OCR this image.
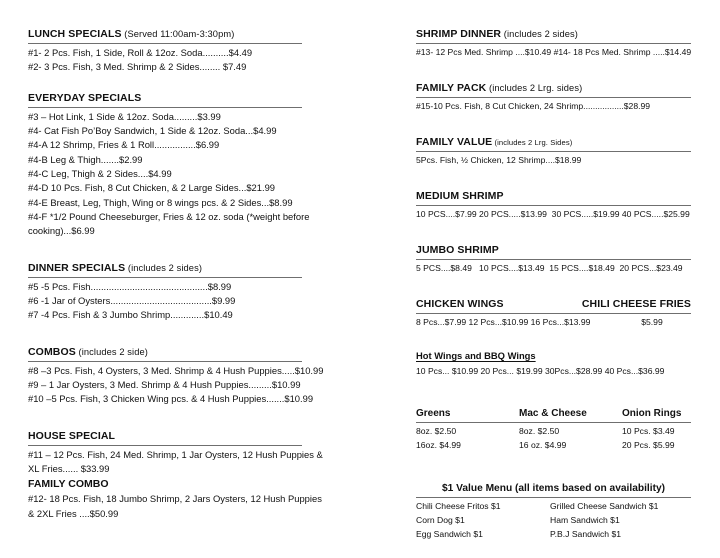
LUNCH SPECIALS (Served 11:00am-3:30pm)
#1- 2 Pcs. Fish, 1 Side, Roll & 12oz. Soda..........$4.49
#2- 3 Pcs. Fish, 3 Med. Shrimp & 2 Sides........ $7.49
EVERYDAY SPECIALS
#3 – Hot Link, 1 Side & 12oz. Soda.........$3.99
#4- Cat Fish Po’Boy Sandwich, 1 Side & 12oz. Soda...$4.99
#4-A 12 Shrimp, Fries & 1 Roll................$6.99
#4-B Leg & Thigh.......$2.99
#4-C Leg, Thigh & 2 Sides....$4.99
#4-D 10 Pcs. Fish, 8 Cut Chicken, & 2 Large Sides...$21.99
#4-E Breast, Leg, Thigh, Wing or 8 wings pcs. & 2 Sides...$8.99
#4-F *1/2 Pound Cheeseburger, Fries & 12 oz. soda (*weight before cooking)...$6.99
DINNER SPECIALS (includes 2 sides)
#5 -5 Pcs. Fish.............................................$8.99
#6 -1 Jar of Oysters.......................................$9.99
#7 -4 Pcs. Fish & 3 Jumbo Shrimp.............$10.49
COMBOS (includes 2 side)
#8 –3 Pcs. Fish, 4 Oysters, 3 Med. Shrimp & 4 Hush Puppies.....$10.99
#9 – 1 Jar Oysters, 3 Med. Shrimp & 4 Hush Puppies.........$10.99
#10 –5 Pcs. Fish, 3 Chicken Wing pcs. & 4 Hush Puppies.......$10.99
HOUSE SPECIAL
#11 – 12 Pcs. Fish, 24 Med. Shrimp, 1 Jar Oysters, 12 Hush Puppies & XL Fries...... $33.99
FAMILY COMBO
#12- 18 Pcs. Fish, 18 Jumbo Shrimp, 2 Jars Oysters, 12 Hush Puppies & 2XL Fries ....$50.99
SHRIMP DINNER (includes 2 sides)
#13- 12 Pcs Med. Shrimp ....$10.49 #14- 18 Pcs Med. Shrimp .....$14.49
FAMILY PACK (includes 2 Lrg. sides)
#15-10 Pcs. Fish, 8 Cut Chicken, 24 Shrimp.................$28.99
FAMILY VALUE (includes 2 Lrg. Sides)
5Pcs. Fish, ½ Chicken, 12 Shrimp....$18.99
MEDIUM SHRIMP
10 PCS....$7.99 20 PCS.....$13.99  30 PCS.....$19.99 40 PCS.....$25.99
JUMBO SHRIMP
5 PCS....$8.49   10 PCS....$13.49  15 PCS....$18.49  20 PCS...$23.49
CHICKEN WINGS	CHILI CHEESE FRIES
8 Pcs...$7.99 12 Pcs...$10.99 16 Pcs...$13.99	$5.99
Hot Wings and BBQ Wings
10 Pcs... $10.99 20 Pcs... $19.99 30Pcs...$28.99 40 Pcs...$36.99
Greens	Mac & Cheese	Onion Rings
8oz. $2.50	8oz. $2.50	10 Pcs. $3.49
16oz. $4.99	16 oz. $4.99	20 Pcs. $5.99
$1 Value Menu (all items based on availability)
Chili Cheese Fritos $1	Grilled Cheese Sandwich $1
Corn Dog $1	Ham Sandwich $1
Egg Sandwich $1	P.B.J Sandwich $1
